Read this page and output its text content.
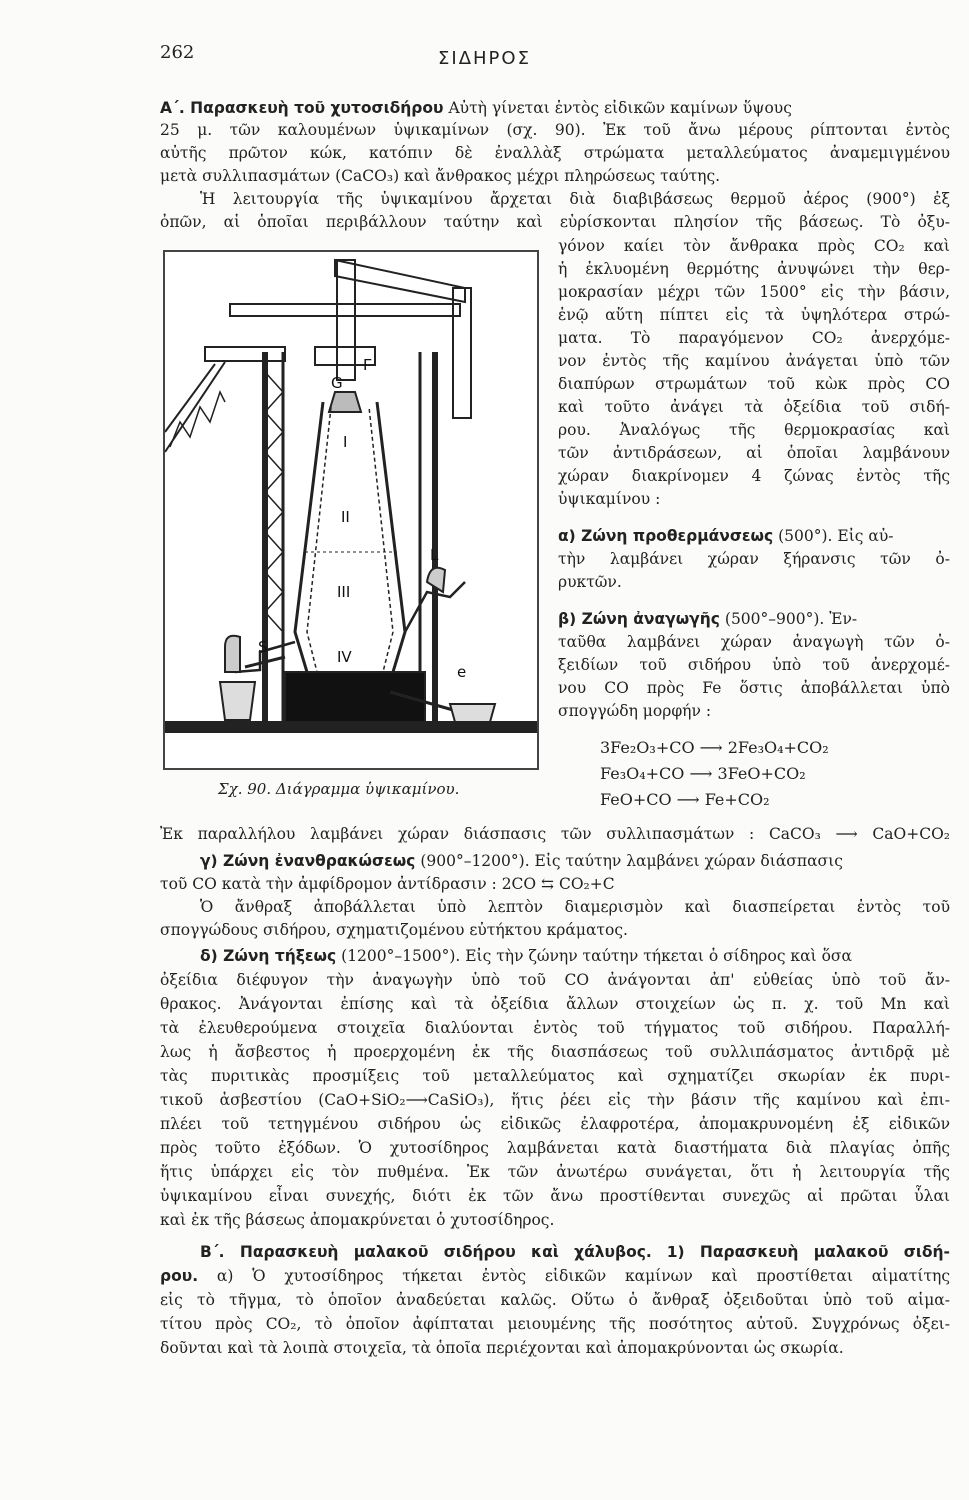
262	ΣΙΔΗΡΟΣ
Α΄. Παρασκευὴ τοῦ χυτοσιδήρου Αὐτὴ γίνεται ἐντὸς εἰδικῶν καμίνων ὕψους
25 μ. τῶν καλουμένων ὑψικαμίνων (σχ. 90). Ἐκ τοῦ ἄνω μέρους ρίπτονται ἐντὸς
αὐτῆς πρῶτον κώκ, κατόπιν δὲ ἐναλλὰξ στρώματα μεταλλεύματος ἀναμεμιγμένου
μετὰ συλλιπασμάτων (CaCO₃) καὶ ἄνθρακος μέχρι πληρώσεως ταύτης.
Ἡ λειτουργία τῆς ὑψικαμίνου ἄρχεται διὰ διαβιβάσεως θερμοῦ ἀέρος (900°) ἐξ
ὀπῶν, αἱ ὁποῖαι περιβάλλουν ταύτην καὶ εὑρίσκονται πλησίον τῆς βάσεως. Τὸ ὀξυ-
G
Γ
I
II
III
IV
L
S
e
Σχ. 90. Διάγραμμα ὑψικαμίνου.
γόνον καίει τὸν ἄνθρακα πρὸς CO₂ καὶ
ἡ ἐκλυομένη θερμότης ἀνυψώνει τὴν θερ-
μοκρασίαν μέχρι τῶν 1500° εἰς τὴν βάσιν,
ἐνῷ αὕτη πίπτει εἰς τὰ ὑψηλότερα στρώ-
ματα. Τὸ παραγόμενον CO₂ ἀνερχόμε-
νον ἐντὸς τῆς καμίνου ἀνάγεται ὑπὸ τῶν
διαπύρων στρωμάτων τοῦ κὼκ πρὸς CO
καὶ τοῦτο ἀνάγει τὰ ὀξείδια τοῦ σιδή-
ρου. Ἀναλόγως τῆς θερμοκρασίας καὶ
τῶν ἀντιδράσεων, αἱ ὁποῖαι λαμβάνουν
χώραν διακρίνομεν 4 ζώνας ἐντὸς τῆς
ὑψικαμίνου :
α) Ζώνη προθερμάνσεως (500°). Εἰς αὐ-
τὴν λαμβάνει χώραν ξήρανσις τῶν ὀ-
ρυκτῶν.
β) Ζώνη ἀναγωγῆς (500°–900°). Ἐν-
ταῦθα λαμβάνει χώραν ἀναγωγὴ τῶν ὀ-
ξειδίων τοῦ σιδήρου ὑπὸ τοῦ ἀνερχομέ-
νου CO πρὸς Fe ὅστις ἀποβάλλεται ὑπὸ
σπογγώδη μορφήν :
3Fe₂O₃+CO ⟶ 2Fe₃O₄+CO₂
Fe₃O₄+CO ⟶ 3FeO+CO₂
FeO+CO ⟶ Fe+CO₂
Ἐκ παραλλήλου λαμβάνει χώραν διάσπασις τῶν συλλιπασμάτων : CaCO₃ ⟶ CaO+CO₂
γ) Ζώνη ἐνανθρακώσεως (900°–1200°). Εἰς ταύτην λαμβάνει χώραν διάσπασις
τοῦ CO κατὰ τὴν ἀμφίδρομον ἀντίδρασιν : 2CO ⇆ CO₂+C
Ὁ ἄνθραξ ἀποβάλλεται ὑπὸ λεπτὸν διαμερισμὸν καὶ διασπείρεται ἐντὸς τοῦ
σπογγώδους σιδήρου, σχηματιζομένου εὐτήκτου κράματος.
δ) Ζώνη τήξεως (1200°–1500°). Εἰς τὴν ζώνην ταύτην τήκεται ὁ σίδηρος καὶ ὅσα
ὀξείδια διέφυγον τὴν ἀναγωγὴν ὑπὸ τοῦ CO ἀνάγονται ἀπ' εὐθείας ὑπὸ τοῦ ἄν-
θρακος. Ἀνάγονται ἐπίσης καὶ τὰ ὀξείδια ἄλλων στοιχείων ὡς π. χ. τοῦ Mn καὶ
τὰ ἐλευθερούμενα στοιχεῖα διαλύονται ἐντὸς τοῦ τήγματος τοῦ σιδήρου. Παραλλή-
λως ἡ ἄσβεστος ἡ προερχομένη ἐκ τῆς διασπάσεως τοῦ συλλιπάσματος ἀντιδρᾷ μὲ
τὰς πυριτικὰς προσμίξεις τοῦ μεταλλεύματος καὶ σχηματίζει σκωρίαν ἐκ πυρι-
τικοῦ ἀσβεστίου (CaO+SiO₂⟶CaSiO₃), ἥτις ῥέει εἰς τὴν βάσιν τῆς καμίνου καὶ ἐπι-
πλέει τοῦ τετηγμένου σιδήρου ὡς εἰδικῶς ἐλαφροτέρα, ἀπομακρυνομένη ἐξ εἰδικῶν
πρὸς τοῦτο ἐξόδων. Ὁ χυτοσίδηρος λαμβάνεται κατὰ διαστήματα διὰ πλαγίας ὀπῆς
ἥτις ὑπάρχει εἰς τὸν πυθμένα. Ἐκ τῶν ἀνωτέρω συνάγεται, ὅτι ἡ λειτουργία τῆς
ὑψικαμίνου εἶναι συνεχής, διότι ἐκ τῶν ἄνω προστίθενται συνεχῶς αἱ πρῶται ὗλαι
καὶ ἐκ τῆς βάσεως ἀπομακρύνεται ὁ χυτοσίδηρος.
Β΄. Παρασκευὴ μαλακοῦ σιδήρου καὶ χάλυβος. 1) Παρασκευὴ μαλακοῦ σιδή-
ρου. α) Ὁ χυτοσίδηρος τήκεται ἐντὸς εἰδικῶν καμίνων καὶ προστίθεται αἱματίτης
εἰς τὸ τῆγμα, τὸ ὁποῖον ἀναδεύεται καλῶς. Οὕτω ὁ ἄνθραξ ὀξειδοῦται ὑπὸ τοῦ αἱμα-
τίτου πρὸς CO₂, τὸ ὁποῖον ἀφίπταται μειουμένης τῆς ποσότητος αὐτοῦ. Συγχρόνως ὀξει-
δοῦνται καὶ τὰ λοιπὰ στοιχεῖα, τὰ ὁποῖα περιέχονται καὶ ἀπομακρύνονται ὡς σκωρία.
